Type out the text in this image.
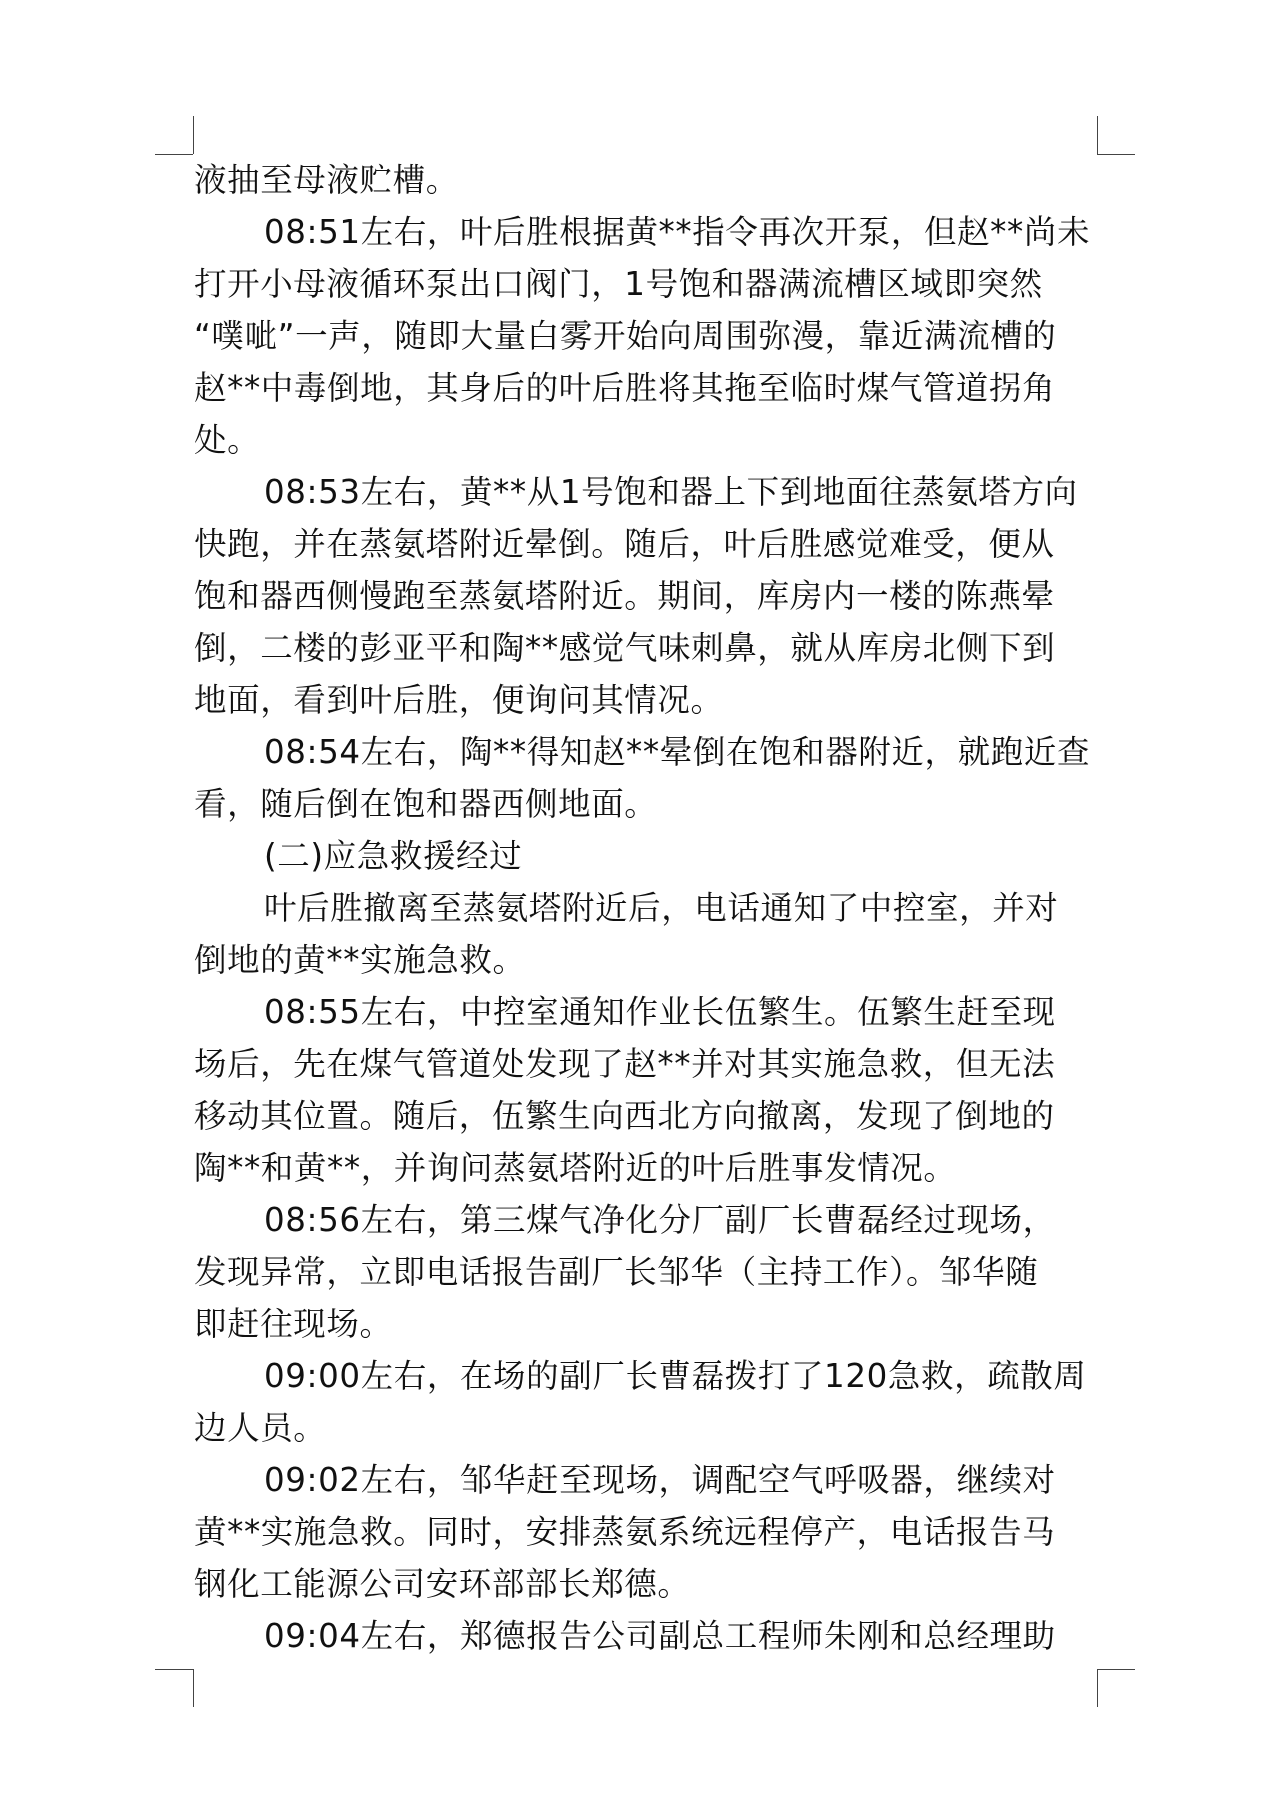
液抽至母液贮槽。
08:51左右，叶后胜根据黄**指令再次开泵，但赵**尚未
打开小母液循环泵出口阀门，1号饱和器满流槽区域即突然
“噗呲”一声，随即大量白雾开始向周围弥漫，靠近满流槽的
赵**中毒倒地，其身后的叶后胜将其拖至临时煤气管道拐角
处。
08:53左右，黄**从1号饱和器上下到地面往蒸氨塔方向
快跑，并在蒸氨塔附近晕倒。随后，叶后胜感觉难受，便从
饱和器西侧慢跑至蒸氨塔附近。期间，库房内一楼的陈燕晕
倒，二楼的彭亚平和陶**感觉气味刺鼻，就从库房北侧下到
地面，看到叶后胜，便询问其情况。
08:54左右，陶**得知赵**晕倒在饱和器附近，就跑近查
看，随后倒在饱和器西侧地面。
(二)应急救援经过
叶后胜撤离至蒸氨塔附近后，电话通知了中控室，并对
倒地的黄**实施急救。
08:55左右，中控室通知作业长伍繁生。伍繁生赶至现
场后，先在煤气管道处发现了赵**并对其实施急救，但无法
移动其位置。随后，伍繁生向西北方向撤离，发现了倒地的
陶**和黄**，并询问蒸氨塔附近的叶后胜事发情况。
08:56左右，第三煤气净化分厂副厂长曹磊经过现场，
发现异常，立即电话报告副厂长邹华（主持工作）。邹华随
即赶往现场。
09:00左右，在场的副厂长曹磊拨打了120急救，疏散周
边人员。
09:02左右，邹华赶至现场，调配空气呼吸器，继续对
黄**实施急救。同时，安排蒸氨系统远程停产，电话报告马
钢化工能源公司安环部部长郑德。
09:04左右，郑德报告公司副总工程师朱刚和总经理助
